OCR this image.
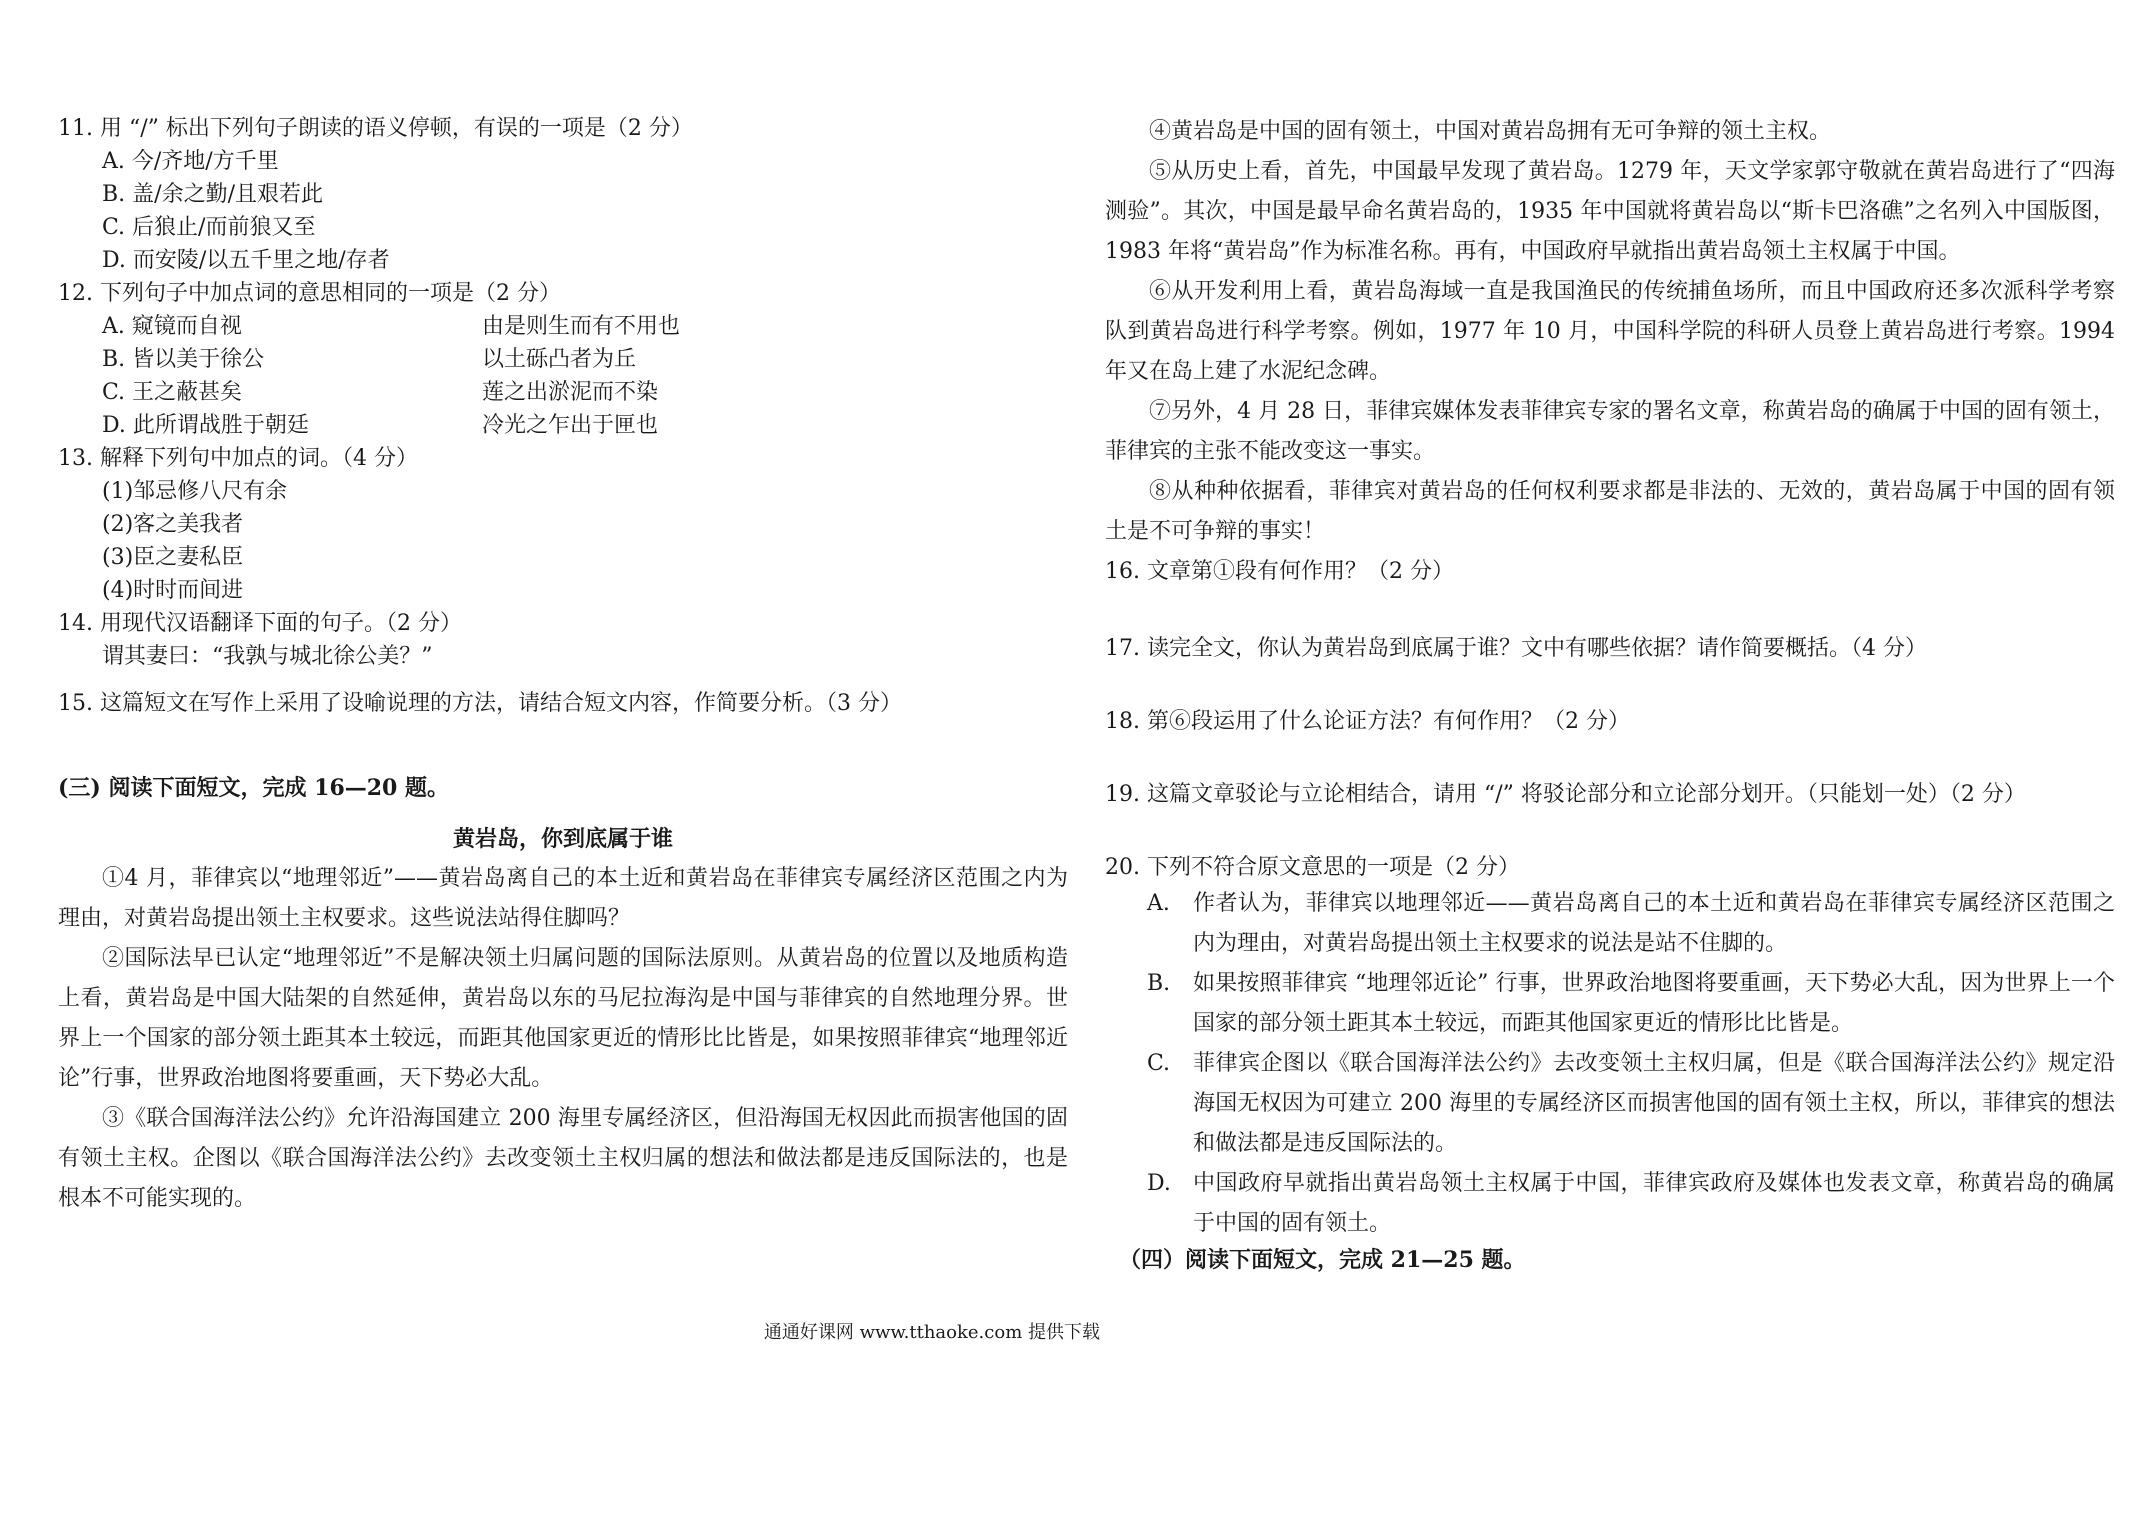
11. 用 “/” 标出下列句子朗读的语义停顿，有误的一项是（2 分）
A. 今/齐地/方千里
B. 盖/余之勤/且艰若此
C. 后狼止/而前狼又至
D. 而安陵/以五千里之地/存者
12. 下列句子中加点词的意思相同的一项是（2 分）
A. 窥镜而自视	由是则生而有不用也
B. 皆以美于徐公	以土砾凸者为丘
C. 王之蔽甚矣	莲之出淤泥而不染
D. 此所谓战胜于朝廷	冷光之乍出于匣也
13. 解释下列句中加点的词。（4 分）
(1)邹忌修八尺有余
(2)客之美我者
(3)臣之妻私臣
(4)时时而间进
14. 用现代汉语翻译下面的句子。（2 分）
谓其妻曰：“我孰与城北徐公美？”
15. 这篇短文在写作上采用了设喻说理的方法，请结合短文内容，作简要分析。（3 分）
(三) 阅读下面短文，完成 16—20 题。
黄岩岛，你到底属于谁
①4 月，菲律宾以“地理邻近”——黄岩岛离自己的本土近和黄岩岛在菲律宾专属经济区范围之内为理由，对黄岩岛提出领土主权要求。这些说法站得住脚吗？
②国际法早已认定“地理邻近”不是解决领土归属问题的国际法原则。从黄岩岛的位置以及地质构造上看，黄岩岛是中国大陆架的自然延伸，黄岩岛以东的马尼拉海沟是中国与菲律宾的自然地理分界。世界上一个国家的部分领土距其本土较远，而距其他国家更近的情形比比皆是，如果按照菲律宾“地理邻近论”行事，世界政治地图将要重画，天下势必大乱。
③《联合国海洋法公约》允许沿海国建立 200 海里专属经济区，但沿海国无权因此而损害他国的固有领土主权。企图以《联合国海洋法公约》去改变领土主权归属的想法和做法都是违反国际法的，也是根本不可能实现的。
④黄岩岛是中国的固有领土，中国对黄岩岛拥有无可争辩的领土主权。
⑤从历史上看，首先，中国最早发现了黄岩岛。1279 年，天文学家郭守敬就在黄岩岛进行了“四海测验”。其次，中国是最早命名黄岩岛的，1935 年中国就将黄岩岛以“斯卡巴洛礁”之名列入中国版图，1983 年将“黄岩岛”作为标准名称。再有，中国政府早就指出黄岩岛领土主权属于中国。
⑥从开发利用上看，黄岩岛海域一直是我国渔民的传统捕鱼场所，而且中国政府还多次派科学考察队到黄岩岛进行科学考察。例如，1977 年 10 月，中国科学院的科研人员登上黄岩岛进行考察。1994 年又在岛上建了水泥纪念碑。
⑦另外，4 月 28 日，菲律宾媒体发表菲律宾专家的署名文章，称黄岩岛的确属于中国的固有领土，菲律宾的主张不能改变这一事实。
⑧从种种依据看，菲律宾对黄岩岛的任何权利要求都是非法的、无效的，黄岩岛属于中国的固有领土是不可争辩的事实！
16. 文章第①段有何作用？（2 分）
17. 读完全文，你认为黄岩岛到底属于谁？文中有哪些依据？请作简要概括。（4 分）
18. 第⑥段运用了什么论证方法？有何作用？（2 分）
19. 这篇文章驳论与立论相结合，请用 “/” 将驳论部分和立论部分划开。（只能划一处）（2 分）
20. 下列不符合原文意思的一项是（2 分）
A.	作者认为，菲律宾以地理邻近——黄岩岛离自己的本土近和黄岩岛在菲律宾专属经济区范围之内为理由，对黄岩岛提出领土主权要求的说法是站不住脚的。
B.	如果按照菲律宾 “地理邻近论” 行事，世界政治地图将要重画，天下势必大乱，因为世界上一个国家的部分领土距其本土较远，而距其他国家更近的情形比比皆是。
C.	菲律宾企图以《联合国海洋法公约》去改变领土主权归属，但是《联合国海洋法公约》规定沿海国无权因为可建立 200 海里的专属经济区而损害他国的固有领土主权，所以，菲律宾的想法和做法都是违反国际法的。
D.	中国政府早就指出黄岩岛领土主权属于中国，菲律宾政府及媒体也发表文章，称黄岩岛的确属于中国的固有领土。
（四）阅读下面短文，完成 21—25 题。
通通好课网 www.tthaoke.com 提供下载
